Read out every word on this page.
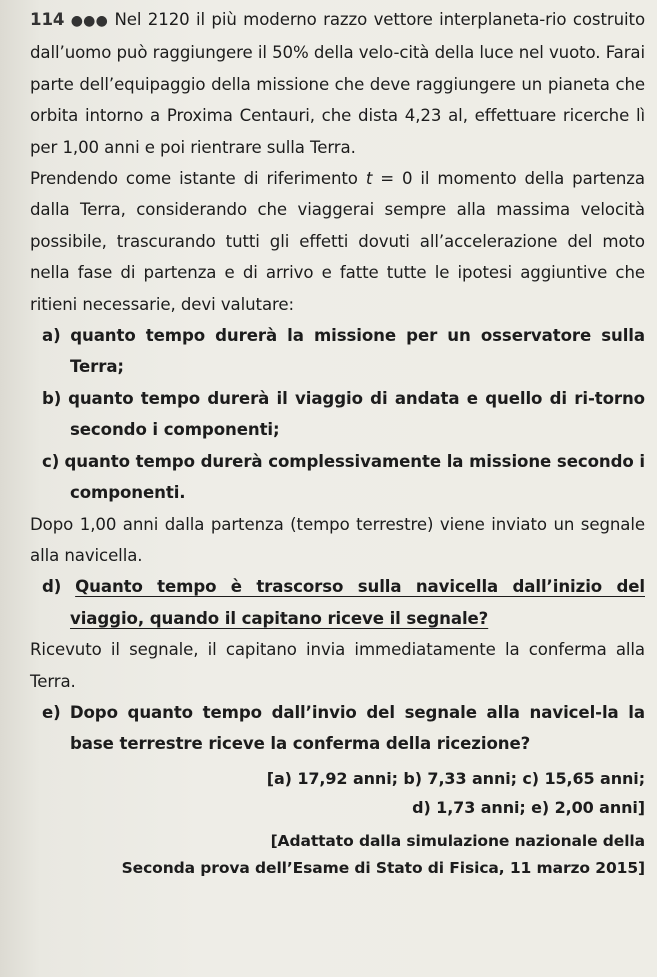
114 ●●● Nel 2120 il più moderno razzo vettore interplaneta-rio costruito dall’uomo può raggiungere il 50% della velo-cità della luce nel vuoto. Farai parte dell’equipaggio della missione che deve raggiungere un pianeta che orbita intorno a Proxima Centauri, che dista 4,23 al, effettuare ricerche lì per 1,00 anni e poi rientrare sulla Terra.

Prendendo come istante di riferimento t = 0 il momento della partenza dalla Terra, considerando che viaggerai sempre alla massima velocità possibile, trascurando tutti gli effetti dovuti all’accelerazione del moto nella fase di partenza e di arrivo e fatte tutte le ipotesi aggiuntive che ritieni necessarie, devi valutare:

a) quanto tempo durerà la missione per un osservatore sulla Terra;

b) quanto tempo durerà il viaggio di andata e quello di ri-torno secondo i componenti;

c) quanto tempo durerà complessivamente la missione secondo i componenti.

Dopo 1,00 anni dalla partenza (tempo terrestre) viene inviato un segnale alla navicella.

d) Quanto tempo è trascorso sulla navicella dall’inizio del viaggio, quando il capitano riceve il segnale?

Ricevuto il segnale, il capitano invia immediatamente la conferma alla Terra.

e) Dopo quanto tempo dall’invio del segnale alla navicel-la la base terrestre riceve la conferma della ricezione?

[a) 17,92 anni; b) 7,33 anni; c) 15,65 anni;
d) 1,73 anni; e) 2,00 anni]
[Adattato dalla simulazione nazionale della
Seconda prova dell’Esame di Stato di Fisica, 11 marzo 2015]
